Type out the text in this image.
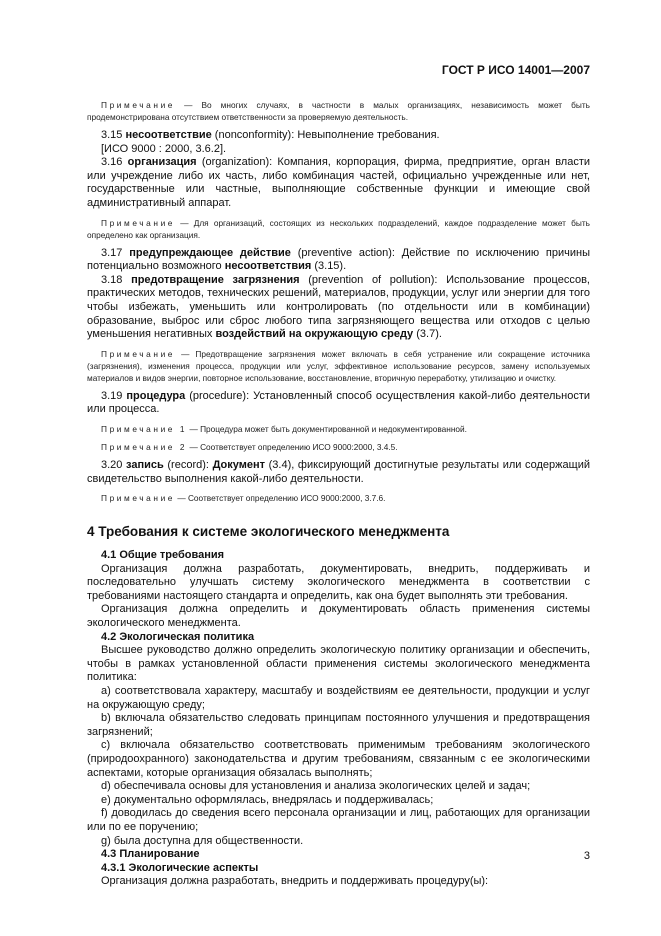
ГОСТ Р ИСО 14001—2007

Примечание — Во многих случаях, в частности в малых организациях, независимость может быть продемонстрирована отсутствием ответственности за проверяемую деятельность.

3.15 несоответствие (nonconformity): Невыполнение требования.

[ИСО 9000 : 2000, 3.6.2].

3.16 организация (organization): Компания, корпорация, фирма, предприятие, орган власти или учреждение либо их часть, либо комбинация частей, официально учрежденные или нет, государственные или частные, выполняющие собственные функции и имеющие свой административный аппарат.

Примечание — Для организаций, состоящих из нескольких подразделений, каждое подразделение может быть определено как организация.

3.17 предупреждающее действие (preventive action): Действие по исключению причины потенциально возможного несоответствия (3.15).

3.18 предотвращение загрязнения (prevention of pollution): Использование процессов, практических методов, технических решений, материалов, продукции, услуг или энергии для того чтобы избежать, уменьшить или контролировать (по отдельности или в комбинации) образование, выброс или сброс любого типа загрязняющего вещества или отходов с целью уменьшения негативных воздействий на окружающую среду (3.7).

Примечание — Предотвращение загрязнения может включать в себя устранение или сокращение источника (загрязнения), изменения процесса, продукции или услуг, эффективное использование ресурсов, замену используемых материалов и видов энергии, повторное использование, восстановление, вторичную переработку, утилизацию и очистку.

3.19 процедура (procedure): Установленный способ осуществления какой-либо деятельности или процесса.

Примечание 1 — Процедура может быть документированной и недокументированной.

Примечание 2 — Соответствует определению ИСО 9000:2000, 3.4.5.

3.20 запись (record): Документ (3.4), фиксирующий достигнутые результаты или содержащий свидетельство выполнения какой-либо деятельности.

Примечание — Соответствует определению ИСО 9000:2000, 3.7.6.

4 Требования к системе экологического менеджмента

4.1 Общие требования

Организация должна разработать, документировать, внедрить, поддерживать и последовательно улучшать систему экологического менеджмента в соответствии с требованиями настоящего стандарта и определить, как она будет выполнять эти требования.

Организация должна определить и документировать область применения системы экологического менеджмента.

4.2 Экологическая политика

Высшее руководство должно определить экологическую политику организации и обеспечить, чтобы в рамках установленной области применения системы экологического менеджмента политика:

a) соответствовала характеру, масштабу и воздействиям ее деятельности, продукции и услуг на окружающую среду;

b) включала обязательство следовать принципам постоянного улучшения и предотвращения загрязнений;

c) включала обязательство соответствовать применимым требованиям экологического (природоохранного) законодательства и другим требованиям, связанным с ее экологическими аспектами, которые организация обязалась выполнять;

d) обеспечивала основы для установления и анализа экологических целей и задач;

e) документально оформлялась, внедрялась и поддерживалась;

f) доводилась до сведения всего персонала организации и лиц, работающих для организации или по ее поручению;

g) была доступна для общественности.

4.3 Планирование

4.3.1 Экологические аспекты

Организация должна разработать, внедрить и поддерживать процедуру(ы):

3
